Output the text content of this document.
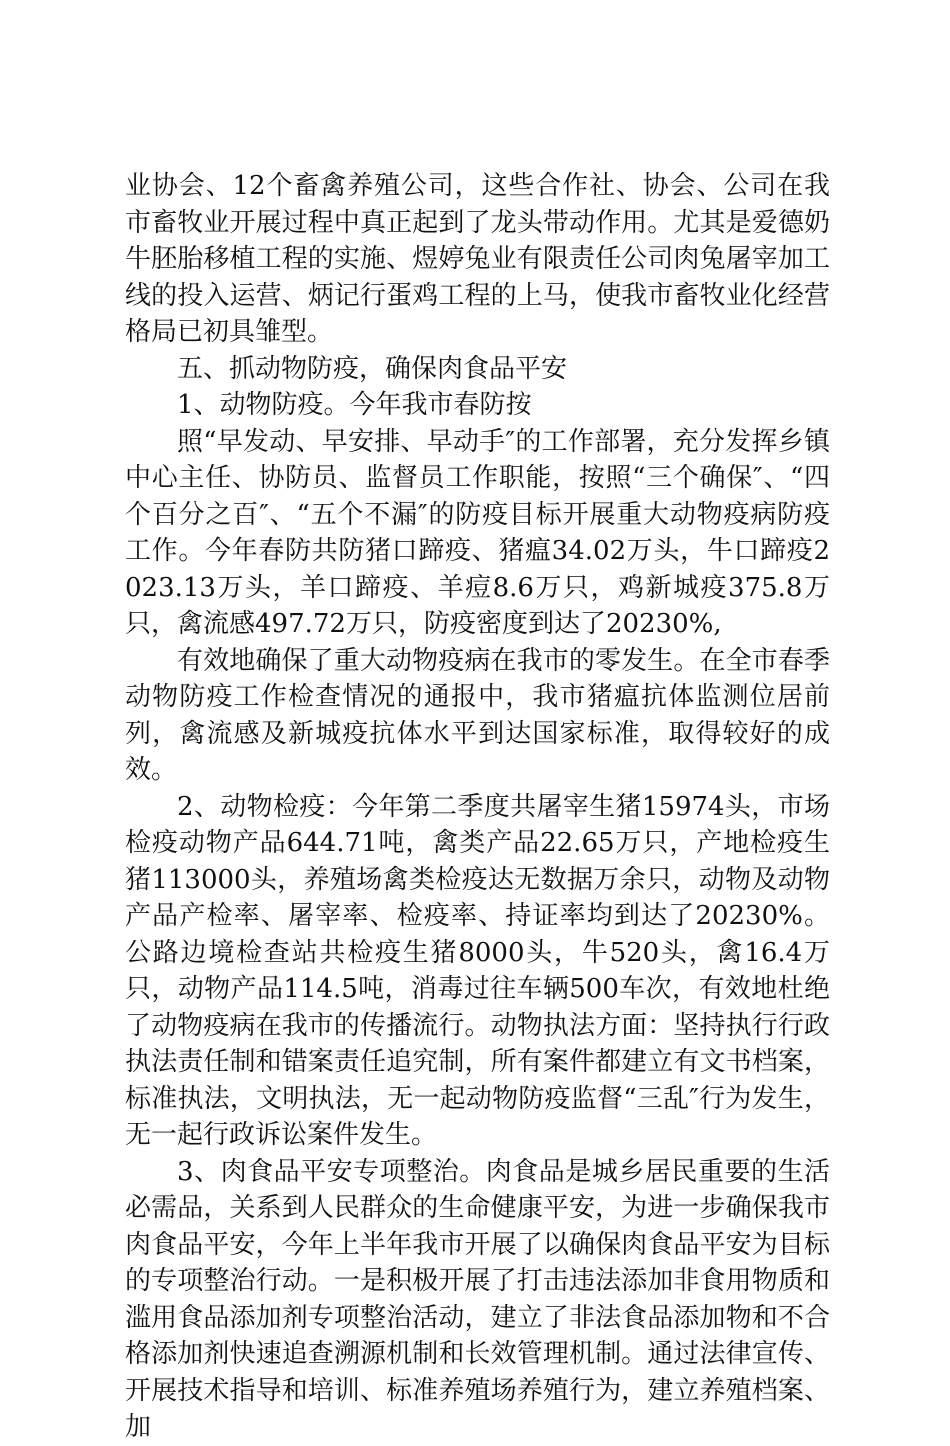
业协会、12个畜禽养殖公司，这些合作社、协会、公司在我市畜牧业开展过程中真正起到了龙头带动作用。尤其是爱德奶牛胚胎移植工程的实施、煜婷兔业有限责任公司肉兔屠宰加工线的投入运营、炳记行蛋鸡工程的上马，使我市畜牧业化经营格局已初具雏型。

五、抓动物防疫，确保肉食品平安

1、动物防疫。今年我市春防按

照“早发动、早安排、早动手″的工作部署，充分发挥乡镇中心主任、协防员、监督员工作职能，按照“三个确保″、“四个百分之百″、“五个不漏″的防疫目标开展重大动物疫病防疫工作。今年春防共防猪口蹄疫、猪瘟34.02万头，牛口蹄疫2023.13万头，羊口蹄疫、羊痘8.6万只，鸡新城疫375.8万只，禽流感497.72万只，防疫密度到达了20230%,

有效地确保了重大动物疫病在我市的零发生。在全市春季动物防疫工作检查情况的通报中，我市猪瘟抗体监测位居前列，禽流感及新城疫抗体水平到达国家标准，取得较好的成效。

2、动物检疫：今年第二季度共屠宰生猪15974头，市场检疫动物产品644.71吨，禽类产品22.65万只，产地检疫生猪113000头，养殖场禽类检疫达无数据万余只，动物及动物产品产检率、屠宰率、检疫率、持证率均到达了20230%。公路边境检查站共检疫生猪8000头，牛520头，禽16.4万只，动物产品114.5吨，消毒过往车辆500车次，有效地杜绝了动物疫病在我市的传播流行。动物执法方面：坚持执行行政执法责任制和错案责任追究制，所有案件都建立有文书档案，标准执法，文明执法，无一起动物防疫监督“三乱″行为发生，无一起行政诉讼案件发生。

3、肉食品平安专项整治。肉食品是城乡居民重要的生活必需品，关系到人民群众的生命健康平安，为进一步确保我市肉食品平安，今年上半年我市开展了以确保肉食品平安为目标的专项整治行动。一是积极开展了打击违法添加非食用物质和滥用食品添加剂专项整治活动，建立了非法食品添加物和不合格添加剂快速追查溯源机制和长效管理机制。通过法律宣传、开展技术指导和培训、标准养殖场养殖行为，建立养殖档案、加
